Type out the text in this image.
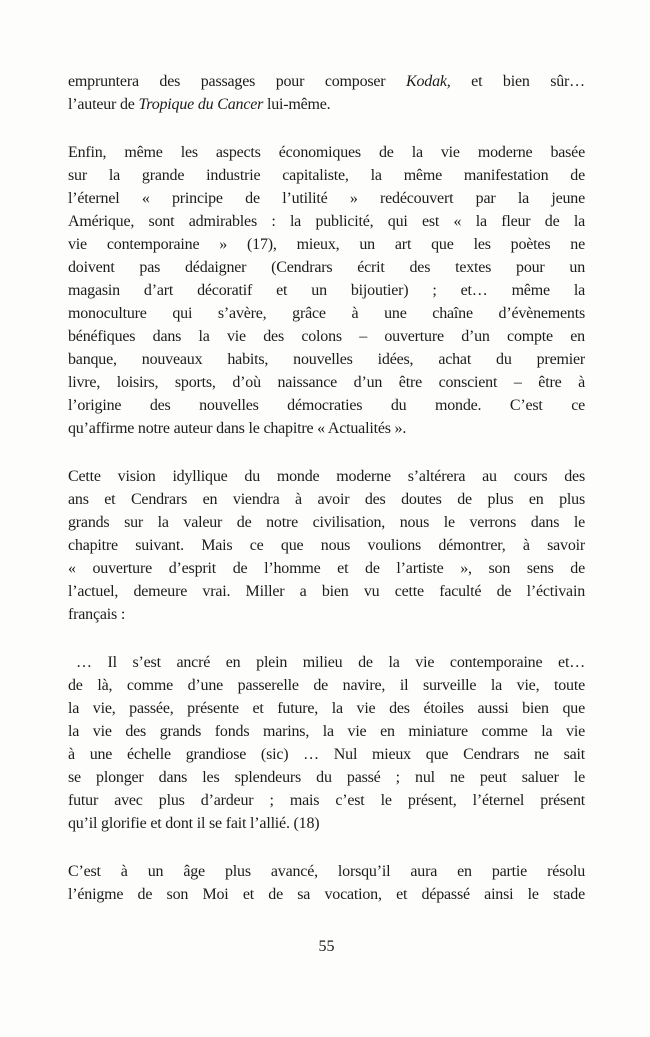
empruntera des passages pour composer Kodak, et bien sûr…
l’auteur de Tropique du Cancer lui-même.
Enfin, même les aspects économiques de la vie moderne basée
sur la grande industrie capitaliste, la même manifestation de
l’éternel « principe de l’utilité » redécouvert par la jeune
Amérique, sont admirables : la publicité, qui est « la fleur de la
vie contemporaine » (17), mieux, un art que les poètes ne
doivent pas dédaigner (Cendrars écrit des textes pour un
magasin d’art décoratif et un bijoutier) ; et… même la
monoculture qui s’avère, grâce à une chaîne d’évènements
bénéfiques dans la vie des colons – ouverture d’un compte en
banque, nouveaux habits, nouvelles idées, achat du premier
livre, loisirs, sports, d’où naissance d’un être conscient – être à
l’origine des nouvelles démocraties du monde. C’est ce
qu’affirme notre auteur dans le chapitre « Actualités ».
Cette vision idyllique du monde moderne s’altérera au cours des
ans et Cendrars en viendra à avoir des doutes de plus en plus
grands sur la valeur de notre civilisation, nous le verrons dans le
chapitre suivant. Mais ce que nous voulions démontrer, à savoir
« ouverture d’esprit de l’homme et de l’artiste », son sens de
l’actuel, demeure vrai. Miller a bien vu cette faculté de l’éctivain
français :
… Il s’est ancré en plein milieu de la vie contemporaine et…
de là, comme d’une passerelle de navire, il surveille la vie, toute
la vie, passée, présente et future, la vie des étoiles aussi bien que
la vie des grands fonds marins, la vie en miniature comme la vie
à une échelle grandiose (sic) … Nul mieux que Cendrars ne sait
se plonger dans les splendeurs du passé ; nul ne peut saluer le
futur avec plus d’ardeur ; mais c’est le présent, l’éternel présent
qu’il glorifie et dont il se fait l’allié. (18)
C’est à un âge plus avancé, lorsqu’il aura en partie résolu
l’énigme de son Moi et de sa vocation, et dépassé ainsi le stade
55
